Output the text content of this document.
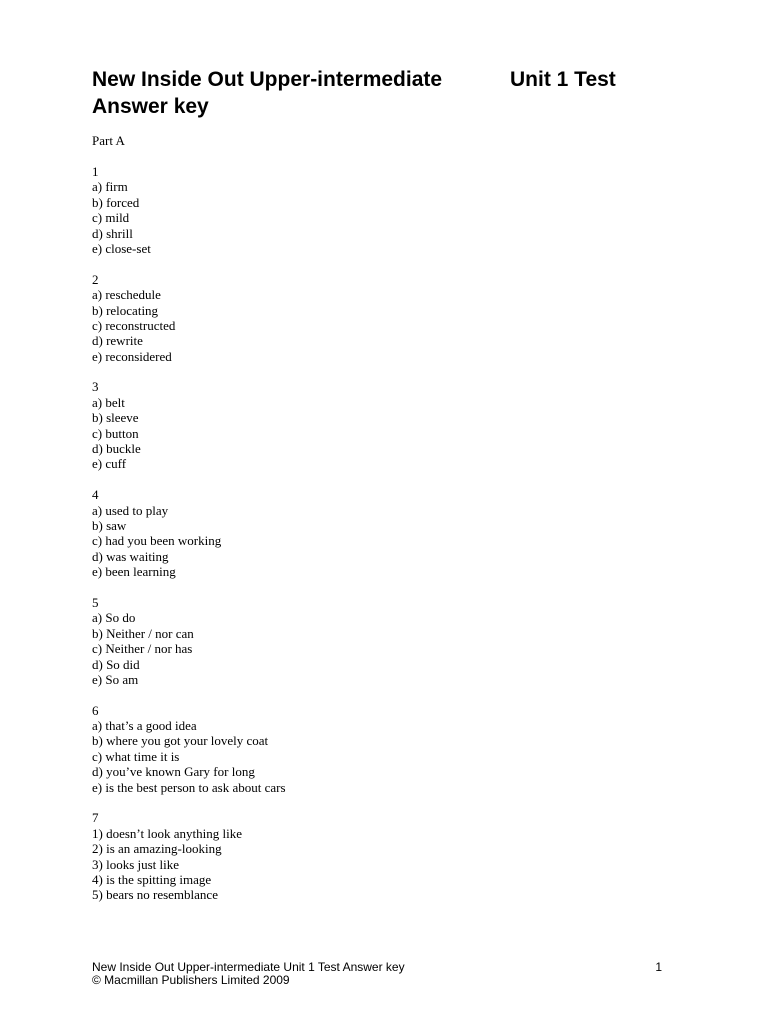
New Inside Out Upper-intermediate	Unit 1 Test
Answer key
Part A
1
a) firm
b) forced
c) mild
d) shrill
e) close-set
2
a) reschedule
b) relocating
c) reconstructed
d) rewrite
e) reconsidered
3
a) belt
b) sleeve
c) button
d) buckle
e) cuff
4
a) used to play
b) saw
c) had you been working
d) was waiting
e) been learning
5
a) So do
b) Neither / nor can
c) Neither / nor has
d) So did
e) So am
6
a) that’s a good idea
b) where you got your lovely coat
c) what time it is
d) you’ve known Gary for long
e) is the best person to ask about cars
7
1) doesn’t look anything like
2) is an amazing-looking
3) looks just like
4) is the spitting image
5) bears no resemblance
New Inside Out Upper-intermediate Unit 1 Test Answer key	1
© Macmillan Publishers Limited 2009
